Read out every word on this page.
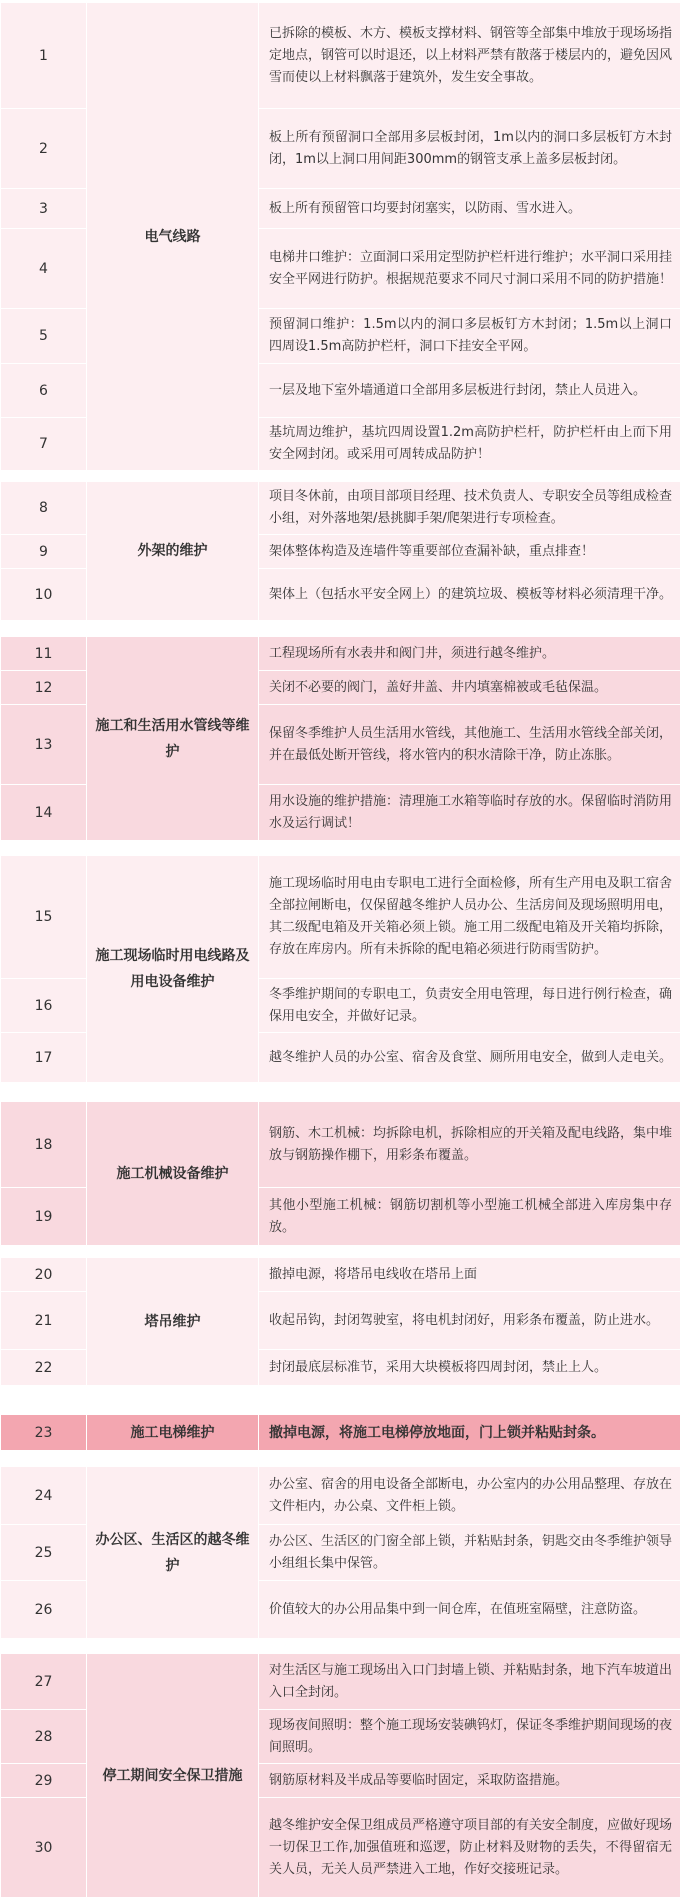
1	电气线路	已拆除的模板、木方、模板支撑材料、钢管等全部集中堆放于现场场指定地点，钢管可以时退还，以上材料严禁有散落于楼层内的，避免因风雪而使以上材料飘落于建筑外，发生安全事故。
2		板上所有预留洞口全部用多层板封闭，1m以内的洞口多层板钉方木封闭，1m以上洞口用间距300mm的钢管支承上盖多层板封闭。
3		板上所有预留管口均要封闭塞实，以防雨、雪水进入。
4		电梯井口维护：立面洞口采用定型防护栏杆进行维护；水平洞口采用挂安全平网进行防护。根据规范要求不同尺寸洞口采用不同的防护措施！
5		预留洞口维护：1.5m以内的洞口多层板钉方木封闭；1.5m以上洞口四周设1.5m高防护栏杆，洞口下挂安全平网。
6		一层及地下室外墙通道口全部用多层板进行封闭，禁止人员进入。
7		基坑周边维护，基坑四周设置1.2m高防护栏杆，防护栏杆由上而下用安全网封闭。或采用可周转成品防护！
8	外架的维护	项目冬休前，由项目部项目经理、技术负责人、专职安全员等组成检查小组，对外落地架/悬挑脚手架/爬架进行专项检查。
9		架体整体构造及连墙件等重要部位查漏补缺，重点排查！
10		架体上（包括水平安全网上）的建筑垃圾、模板等材料必须清理干净。
11	施工和生活用水管线等维护	工程现场所有水表井和阀门井，须进行越冬维护。
12		关闭不必要的阀门，盖好井盖、井内填塞棉被或毛毡保温。
13		保留冬季维护人员生活用水管线，其他施工、生活用水管线全部关闭，并在最低处断开管线，将水管内的积水清除干净，防止冻胀。
14		用水设施的维护措施：清理施工水箱等临时存放的水。保留临时消防用水及运行调试！
15	施工现场临时用电线路及用电设备维护	施工现场临时用电由专职电工进行全面检修，所有生产用电及职工宿舍全部拉闸断电，仅保留越冬维护人员办公、生活房间及现场照明用电，其二级配电箱及开关箱必须上锁。施工用二级配电箱及开关箱均拆除，存放在库房内。所有未拆除的配电箱必须进行防雨雪防护。
16		冬季维护期间的专职电工，负责安全用电管理，每日进行例行检查，确保用电安全，并做好记录。
17		越冬维护人员的办公室、宿舍及食堂、厕所用电安全，做到人走电关。
18	施工机械设备维护	钢筋、木工机械：均拆除电机，拆除相应的开关箱及配电线路，集中堆放与钢筋操作棚下，用彩条布覆盖。
19		其他小型施工机械：钢筋切割机等小型施工机械全部进入库房集中存放。
20	塔吊维护	撤掉电源，将塔吊电线收在塔吊上面
21		收起吊钩，封闭驾驶室，将电机封闭好，用彩条布覆盖，防止进水。
22		封闭最底层标准节，采用大块模板将四周封闭，禁止上人。
23	施工电梯维护	撤掉电源，将施工电梯停放地面，门上锁并粘贴封条。
24	办公区、生活区的越冬维护	办公室、宿舍的用电设备全部断电，办公室内的办公用品整理、存放在文件柜内，办公桌、文件柜上锁。
25		办公区、生活区的门窗全部上锁，并粘贴封条，钥匙交由冬季维护领导小组组长集中保管。
26		价值较大的办公用品集中到一间仓库，在值班室隔壁，注意防盗。
27	停工期间安全保卫措施	对生活区与施工现场出入口门封墙上锁、并粘贴封条，地下汽车坡道出入口全封闭。
28		现场夜间照明：整个施工现场安装碘钨灯，保证冬季维护期间现场的夜间照明。
29		钢筋原材料及半成品等要临时固定，采取防盗措施。
30		越冬维护安全保卫组成员严格遵守项目部的有关安全制度，应做好现场一切保卫工作,加强值班和巡逻，防止材料及财物的丢失，不得留宿无关人员，无关人员严禁进入工地，作好交接班记录。
